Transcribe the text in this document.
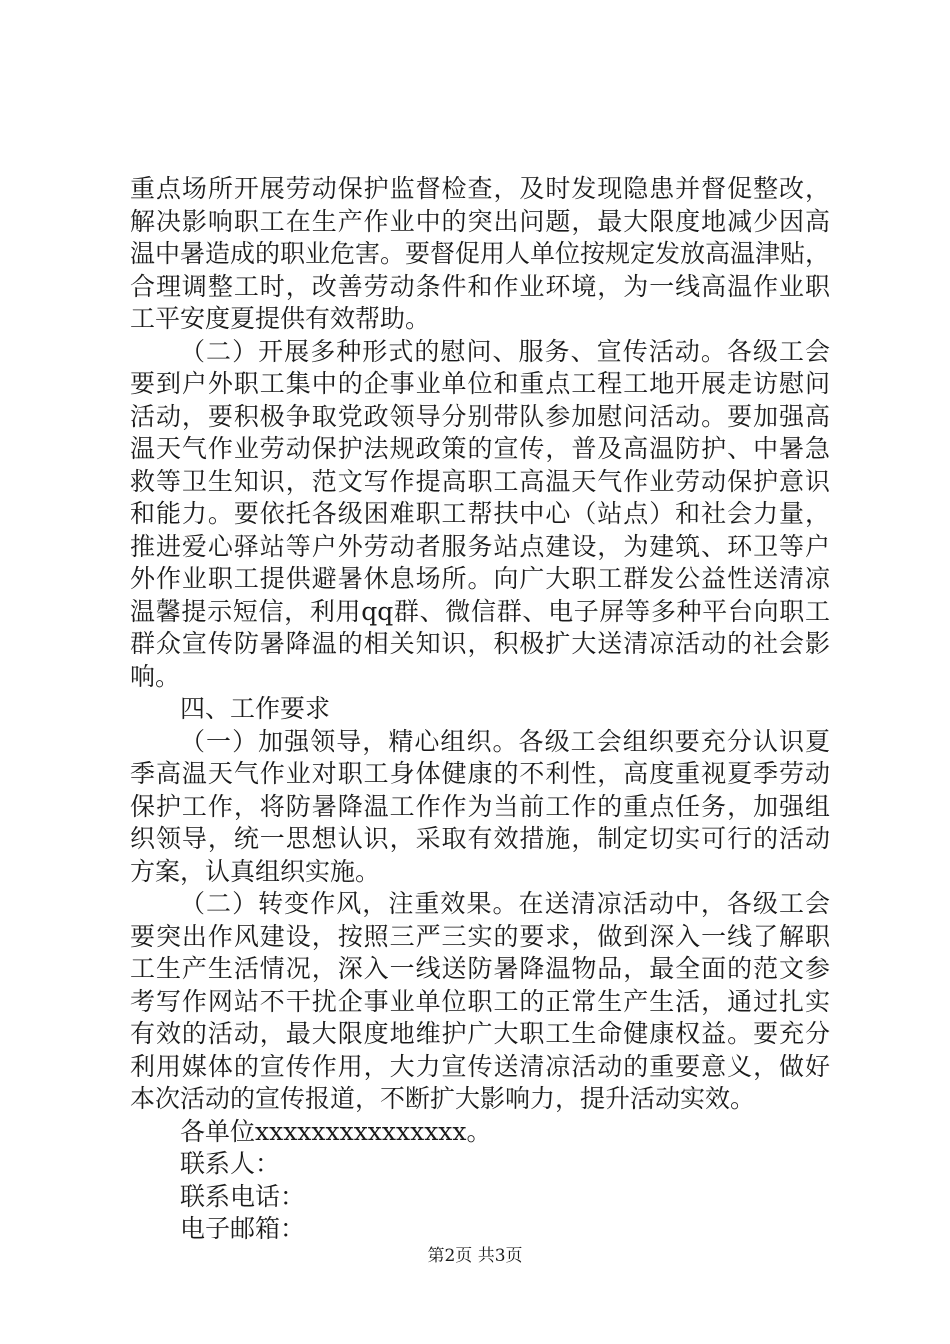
重点场所开展劳动保护监督检查，及时发现隐患并督促整改，
解决影响职工在生产作业中的突出问题，最大限度地减少因高
温中暑造成的职业危害。要督促用人单位按规定发放高温津贴，
合理调整工时，改善劳动条件和作业环境，为一线高温作业职
工平安度夏提供有效帮助。
（二）开展多种形式的慰问、服务、宣传活动。各级工会
要到户外职工集中的企事业单位和重点工程工地开展走访慰问
活动，要积极争取党政领导分别带队参加慰问活动。要加强高
温天气作业劳动保护法规政策的宣传，普及高温防护、中暑急
救等卫生知识，范文写作提高职工高温天气作业劳动保护意识
和能力。要依托各级困难职工帮扶中心（站点）和社会力量，
推进爱心驿站等户外劳动者服务站点建设，为建筑、环卫等户
外作业职工提供避暑休息场所。向广大职工群发公益性送清凉
温馨提示短信，利用qq群、微信群、电子屏等多种平台向职工
群众宣传防暑降温的相关知识，积极扩大送清凉活动的社会影
响。
四、工作要求
（一）加强领导，精心组织。各级工会组织要充分认识夏
季高温天气作业对职工身体健康的不利性，高度重视夏季劳动
保护工作，将防暑降温工作作为当前工作的重点任务，加强组
织领导，统一思想认识，采取有效措施，制定切实可行的活动
方案，认真组织实施。
（二）转变作风，注重效果。在送清凉活动中，各级工会
要突出作风建设，按照三严三实的要求，做到深入一线了解职
工生产生活情况，深入一线送防暑降温物品，最全面的范文参
考写作网站不干扰企事业单位职工的正常生产生活，通过扎实
有效的活动，最大限度地维护广大职工生命健康权益。要充分
利用媒体的宣传作用，大力宣传送清凉活动的重要意义，做好
本次活动的宣传报道，不断扩大影响力，提升活动实效。
各单位xxxxxxxxxxxxxxx。
联系人：
联系电话：
电子邮箱：
第2页 共3页
